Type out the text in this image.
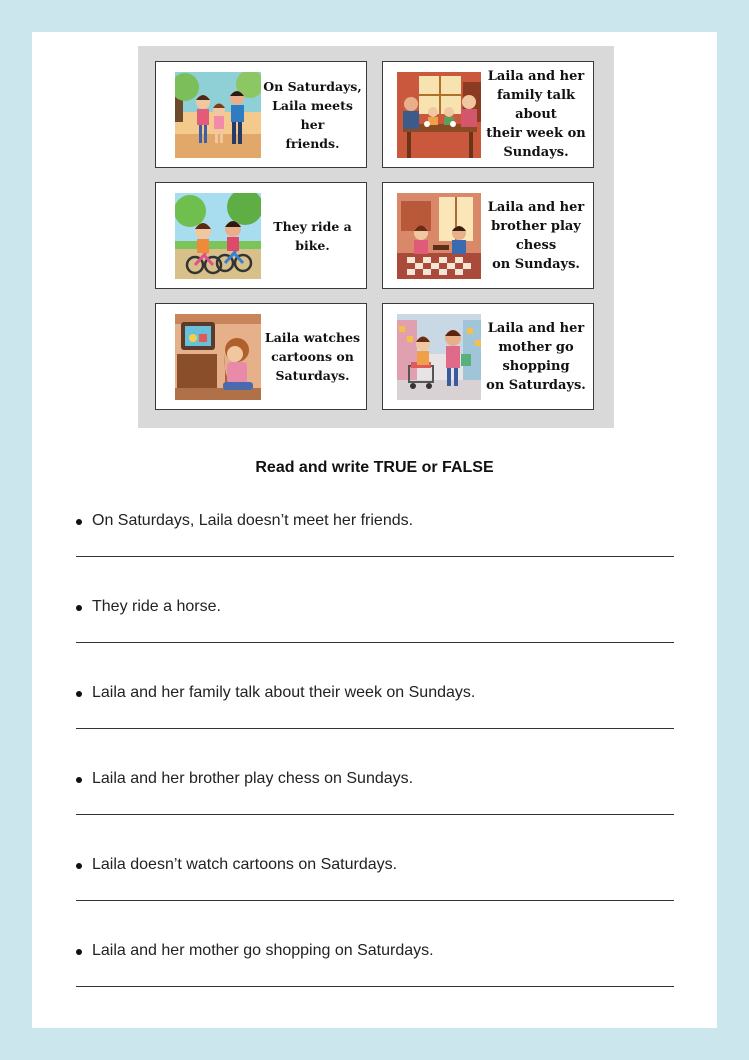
On Saturdays,
Laila meets her
friends.
Laila and her
family talk about
their week on
Sundays.
They ride a bike.
Laila and her
brother play
chess
on Sundays.
Laila watches
cartoons on
Saturdays.
Laila and her
mother go
shopping
on Saturdays.
Read and write TRUE or FALSE
On Saturdays, Laila doesn’t meet her friends.
They ride a horse.
Laila and her family talk about their week on Sundays.
Laila and her brother play chess on Sundays.
Laila doesn’t watch cartoons on Saturdays.
Laila and her mother go shopping on Saturdays.
